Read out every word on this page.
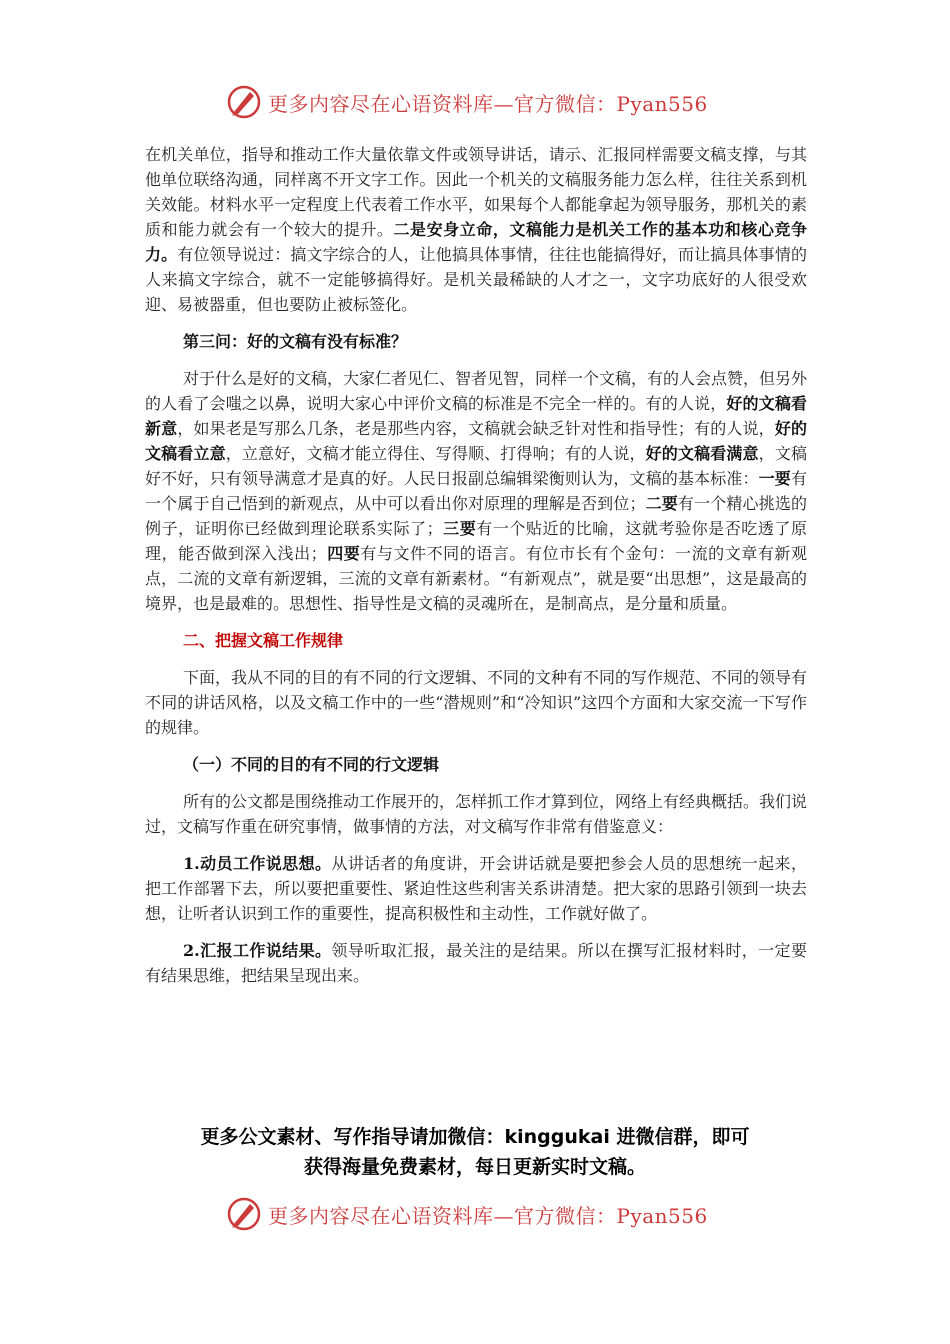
更多内容尽在心语资料库—官方微信：Pyan556

在机关单位，指导和推动工作大量依靠文件或领导讲话，请示、汇报同样需要文稿支撑，与其他单位联络沟通，同样离不开文字工作。因此一个机关的文稿服务能力怎么样，往往关系到机关效能。材料水平一定程度上代表着工作水平，如果每个人都能拿起为领导服务，那机关的素质和能力就会有一个较大的提升。二是安身立命，文稿能力是机关工作的基本功和核心竞争力。有位领导说过：搞文字综合的人，让他搞具体事情，往往也能搞得好，而让搞具体事情的人来搞文字综合，就不一定能够搞得好。是机关最稀缺的人才之一，文字功底好的人很受欢迎、易被器重，但也要防止被标签化。

第三问：好的文稿有没有标准？

对于什么是好的文稿，大家仁者见仁、智者见智，同样一个文稿，有的人会点赞，但另外的人看了会嗤之以鼻，说明大家心中评价文稿的标准是不完全一样的。有的人说，好的文稿看新意，如果老是写那么几条，老是那些内容，文稿就会缺乏针对性和指导性；有的人说，好的文稿看立意，立意好，文稿才能立得住、写得顺、打得响；有的人说，好的文稿看满意，文稿好不好，只有领导满意才是真的好。人民日报副总编辑梁衡则认为，文稿的基本标准：一要有一个属于自己悟到的新观点，从中可以看出你对原理的理解是否到位；二要有一个精心挑选的例子，证明你已经做到理论联系实际了；三要有一个贴近的比喻，这就考验你是否吃透了原理，能否做到深入浅出；四要有与文件不同的语言。有位市长有个金句：一流的文章有新观点，二流的文章有新逻辑，三流的文章有新素材。“有新观点”，就是要“出思想”，这是最高的境界，也是最难的。思想性、指导性是文稿的灵魂所在，是制高点，是分量和质量。

二、把握文稿工作规律

下面，我从不同的目的有不同的行文逻辑、不同的文种有不同的写作规范、不同的领导有不同的讲话风格，以及文稿工作中的一些“潜规则”和“冷知识”这四个方面和大家交流一下写作的规律。

（一）不同的目的有不同的行文逻辑

所有的公文都是围绕推动工作展开的，怎样抓工作才算到位，网络上有经典概括。我们说过，文稿写作重在研究事情，做事情的方法，对文稿写作非常有借鉴意义：

1.动员工作说思想。从讲话者的角度讲，开会讲话就是要把参会人员的思想统一起来，把工作部署下去，所以要把重要性、紧迫性这些利害关系讲清楚。把大家的思路引领到一块去想，让听者认识到工作的重要性，提高积极性和主动性，工作就好做了。

2.汇报工作说结果。领导听取汇报，最关注的是结果。所以在撰写汇报材料时，一定要有结果思维，把结果呈现出来。

更多公文素材、写作指导请加微信：kinggukai 进微信群，即可
获得海量免费素材，每日更新实时文稿。
更多内容尽在心语资料库—官方微信：Pyan556
